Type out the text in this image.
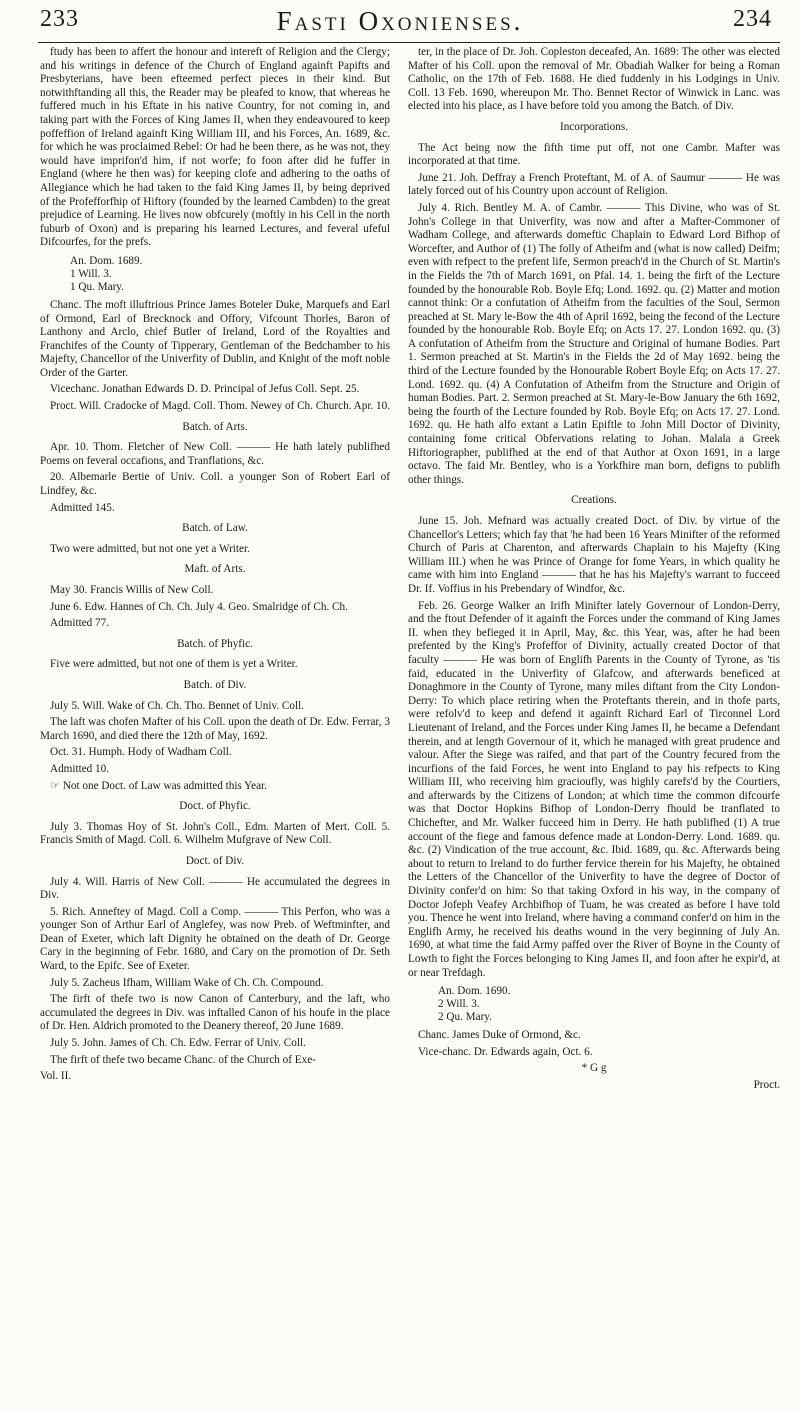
233	Fasti Oxonienses.	234

ftudy has been to affert the honour and intereft of Religion and the Clergy; and his writings in defence of the Church of England againft Papifts and Presbyterians, have been efteemed perfect pieces in their kind. But notwithftanding all this, the Reader may be pleafed to know, that whereas he fuffered much in his Eftate in his native Country, for not coming in, and taking part with the Forces of King James II, when they endeavoured to keep poffeffion of Ireland againft King William III, and his Forces, An. 1689, &c. for which he was proclaimed Rebel: Or had he been there, as he was not, they would have imprifon'd him, if not worfe; fo foon after did he fuffer in England (where he then was) for keeping clofe and adhering to the oaths of Allegiance which he had taken to the faid King James II, by being deprived of the Profefforfhip of Hiftory (founded by the learned Cambden) to the great prejudice of Learning. He lives now obfcurely (moftly in his Cell in the north fuburb of Oxon) and is preparing his learned Lectures, and feveral ufeful Difcourfes, for the prefs.

An. Dom. 1689.
1 Will. 3.
1 Qu. Mary.

Chanc. The moft illuftrious Prince James Boteler Duke, Marquefs and Earl of Ormond, Earl of Brecknock and Offory, Vifcount Thorles, Baron of Lanthony and Arclo, chief Butler of Ireland, Lord of the Royalties and Franchifes of the County of Tipperary, Gentleman of the Bedchamber to his Majefty, Chancellor of the Univerfity of Dublin, and Knight of the moft noble Order of the Garter.

Vicechanc. Jonathan Edwards D. D. Principal of Jefus Coll. Sept. 25.

Proct. Will. Cradocke of Magd. Coll. Thom. Newey of Ch. Church. Apr. 10.

Batch. of Arts.

Apr. 10. Thom. Fletcher of New Coll. ——— He hath lately publifhed Poems on feveral occafions, and Tranflations, &c.

20. Albemarle Bertie of Univ. Coll. a younger Son of Robert Earl of Lindfey, &c.

Admitted 145.

Batch. of Law.

Two were admitted, but not one yet a Writer.

Maft. of Arts.

May 30. Francis Willis of New Coll.

June 6. Edw. Hannes of Ch. Ch. July 4. Geo. Smalridge of Ch. Ch.

Admitted 77.

Batch. of Phyfic.

Five were admitted, but not one of them is yet a Writer.

Batch. of Div.

July 5. Will. Wake of Ch. Ch. Tho. Bennet of Univ. Coll.

The laft was chofen Mafter of his Coll. upon the death of Dr. Edw. Ferrar, 3 March 1690, and died there the 12th of May, 1692.

Oct. 31. Humph. Hody of Wadham Coll.

Admitted 10.

☞ Not one Doct. of Law was admitted this Year.

Doct. of Phyfic.

July 3. Thomas Hoy of St. John's Coll., Edm. Marten of Mert. Coll. 5. Francis Smith of Magd. Coll. 6. Wilhelm Mufgrave of New Coll.

Doct. of Div.

July 4. Will. Harris of New Coll. ——— He accumulated the degrees in Div.

5. Rich. Anneftey of Magd. Coll a Comp. ——— This Perfon, who was a younger Son of Arthur Earl of Anglefey, was now Preb. of Weftminfter, and Dean of Exeter, which laft Dignity he obtained on the death of Dr. George Cary in the beginning of Febr. 1680, and Cary on the promotion of Dr. Seth Ward, to the Epifc. See of Exeter.

July 5. Zacheus Ifham, William Wake of Ch. Ch. Compound.

The firft of thefe two is now Canon of Canterbury, and the laft, who accumulated the degrees in Div. was inftalled Canon of his houfe in the place of Dr. Hen. Aldrich promoted to the Deanery thereof, 20 June 1689.

July 5. John. James of Ch. Ch. Edw. Ferrar of Univ. Coll.

The firft of thefe two became Chanc. of the Church of Exe-

Vol. II.

ter, in the place of Dr. Joh. Copleston deceafed, An. 1689: The other was elected Mafter of his Coll. upon the removal of Mr. Obadiah Walker for being a Roman Catholic, on the 17th of Feb. 1688. He died fuddenly in his Lodgings in Univ. Coll. 13 Feb. 1690, whereupon Mr. Tho. Bennet Rector of Winwick in Lanc. was elected into his place, as I have before told you among the Batch. of Div.

Incorporations.

The Act being now the fifth time put off, not one Cambr. Mafter was incorporated at that time.

June 21. Joh. Deffray a French Proteftant, M. of A. of Saumur ——— He was lately forced out of his Country upon account of Religion.

July 4. Rich. Bentley M. A. of Cambr. ——— This Divine, who was of St. John's College in that Univerfity, was now and after a Mafter-Commoner of Wadham College, and afterwards domeftic Chaplain to Edward Lord Bifhop of Worcefter, and Author of (1) The folly of Atheifm and (what is now called) Deifm; even with refpect to the prefent life, Sermon preach'd in the Church of St. Martin's in the Fields the 7th of March 1691, on Pfal. 14. 1. being the firft of the Lecture founded by the honourable Rob. Boyle Efq; Lond. 1692. qu. (2) Matter and motion cannot think: Or a confutation of Atheifm from the faculties of the Soul, Sermon preached at St. Mary le-Bow the 4th of April 1692, being the fecond of the Lecture founded by the honourable Rob. Boyle Efq; on Acts 17. 27. London 1692. qu. (3) A confutation of Atheifm from the Structure and Original of humane Bodies. Part 1. Sermon preached at St. Martin's in the Fields the 2d of May 1692. being the third of the Lecture founded by the Honourable Robert Boyle Efq; on Acts 17. 27. Lond. 1692. qu. (4) A Confutation of Atheifm from the Structure and Origin of human Bodies. Part. 2. Sermon preached at St. Mary-le-Bow January the 6th 1692, being the fourth of the Lecture founded by Rob. Boyle Efq; on Acts 17. 27. Lond. 1692. qu. He hath alfo extant a Latin Epiftle to John Mill Doctor of Divinity, containing fome critical Obfervations relating to Johan. Malala a Greek Hiftoriographer, publifhed at the end of that Author at Oxon 1691, in a large octavo. The faid Mr. Bentley, who is a Yorkfhire man born, defigns to publifh other things.

Creations.

June 15. Joh. Mefnard was actually created Doct. of Div. by virtue of the Chancellor's Letters; which fay that 'he had been 16 Years Minifter of the reformed Church of Paris at Charenton, and afterwards Chaplain to his Majefty (King William III.) when he was Prince of Orange for fome Years, in which quality he came with him into England ——— that he has his Majefty's warrant to fucceed Dr. If. Voffius in his Prebendary of Windfor, &c.

Feb. 26. George Walker an Irifh Minifter lately Governour of London-Derry, and the ftout Defender of it againft the Forces under the command of King James II. when they befieged it in April, May, &c. this Year, was, after he had been prefented by the King's Profeffor of Divinity, actually created Doctor of that faculty ——— He was born of Englifh Parents in the County of Tyrone, as 'tis faid, educated in the Univerfity of Glafcow, and afterwards beneficed at Donaghmore in the County of Tyrone, many miles diftant from the City London-Derry: To which place retiring when the Proteftants therein, and in thofe parts, were refolv'd to keep and defend it againft Richard Earl of Tirconnel Lord Lieutenant of Ireland, and the Forces under King James II, he became a Defendant therein, and at length Governour of it, which he managed with great prudence and valour. After the Siege was raifed, and that part of the Country fecured from the incurfions of the faid Forces, he went into England to pay his refpects to King William III, who receiving him gracioufly, was highly carefs'd by the Courtiers, and afterwards by the Citizens of London; at which time the common difcourfe was that Doctor Hopkins Bifhop of London-Derry fhould be tranflated to Chichefter, and Mr. Walker fucceed him in Derry. He hath publifhed (1) A true account of the fiege and famous defence made at London-Derry. Lond. 1689. qu. &c. (2) Vindication of the true account, &c. Ibid. 1689, qu. &c. Afterwards being about to return to Ireland to do further fervice therein for his Majefty, he obtained the Letters of the Chancellor of the Univerfity to have the degree of Doctor of Divinity confer'd on him: So that taking Oxford in his way, in the company of Doctor Jofeph Veafey Archbifhop of Tuam, he was created as before I have told you. Thence he went into Ireland, where having a command confer'd on him in the Englifh Army, he received his deaths wound in the very beginning of July An. 1690, at what time the faid Army paffed over the River of Boyne in the County of Lowth to fight the Forces belonging to King James II, and foon after he expir'd, at or near Trefdagh.

An. Dom. 1690.
2 Will. 3.
2 Qu. Mary.

Chanc. James Duke of Ormond, &c.

Vice-chanc. Dr. Edwards again, Oct. 6.

* G g

Proct.
